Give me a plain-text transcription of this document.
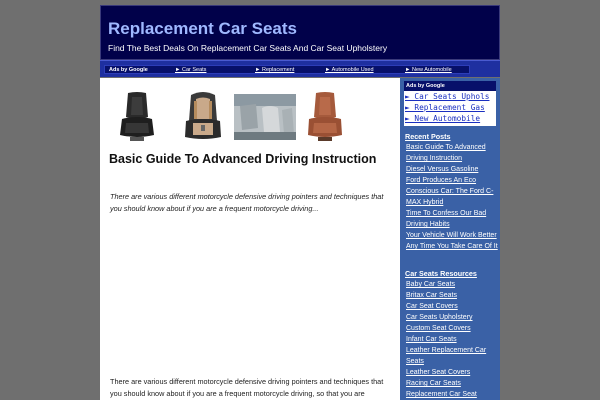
Replacement Car Seats
Find The Best Deals On Replacement Car Seats And Car Seat Upholstery
Ads by Google	► Car Seats	► Replacement	► Automobile Used	► New Automobile
Basic Guide To Advanced Driving Instruction

There are various different motorcycle defensive driving pointers and techniques that you should know about if you are a frequent motorcycle driving...

There are various different motorcycle defensive driving pointers and techniques that you should know about if you are a frequent motorcycle driving, so that you are

Ads by Google
► Car Seats Uphols
► Replacement Gas
► New Automobile
Recent Posts
Basic Guide To Advanced Driving Instruction
Diesel Versus Gasoline
Ford Produces An Eco Conscious Car: The Ford C-MAX Hybrid
Time To Confess Our Bad Driving Habits
Your Vehicle Will Work Better Any Time You Take Care Of It
Car Seats Resources
Baby Car Seats
Britax Car Seats
Car Seat Covers
Car Seats Upholstery
Custom Seat Covers
Infant Car Seats
Leather Replacement Car Seats
Leather Seat Covers
Racing Car Seats
Replacement Car Seat
